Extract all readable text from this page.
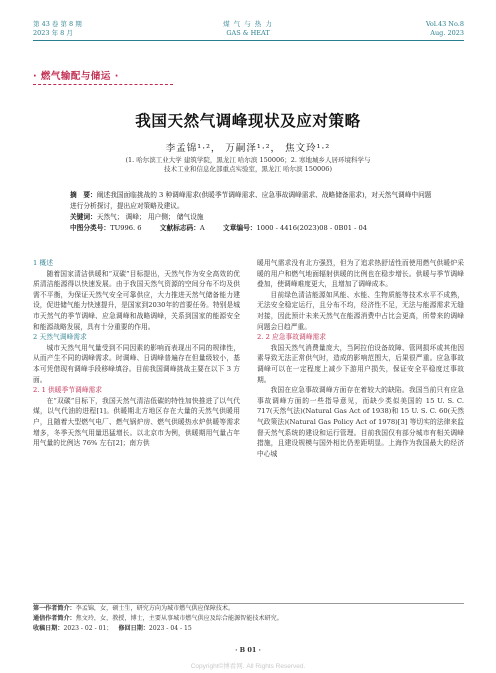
第 43 卷 第 8 期
2023 年 8 月
煤 气 与 热 力
GAS & HEAT
Vol.43 No.8
Aug. 2023
· 燃气输配与储运 ·
我国天然气调峰现状及应对策略
李孟锦¹·²， 万嗣泽¹·²， 焦文玲¹·²
(1. 哈尔滨工业大学 建筑学院，黑龙江 哈尔滨 150006；2. 寒地城乡人居环境科学与
技术工业和信息化部重点实验室，黑龙江 哈尔滨 150006)
摘　要：阐述我国面临挑战的 3 种调峰需求(供暖季节调峰需求、应急事故调峰需求、战略储备需求)，对天然气调峰中问题进行分析探讨，提出应对策略及建议。
关键词：天然气； 调峰； 用户侧； 储气设施
中图分类号：TU996. 6	文献标志码：A	文章编号：1000 - 4416(2023)08 - 0B01 - 04

1 概述

随着国家清洁供暖和“双碳”目标提出，天然气作为安全高效的优质清洁能源得以快速发展。由于我国天然气资源的空间分布不均及供需不平衡，为保证天然气安全可靠供应，大力推进天然气储备能力建设，促进储气能力快速提升，是国家到2030年的首要任务。特别是城市天然气的季节调峰、应急调峰和战略调峰，关系到国家的能源安全和能源战略发展，具有十分重要的作用。

2 天然气调峰需求

城市天然气用气量受到不同因素的影响而表现出不同的规律性，从而产生不同的调峰需求。时调峰、日调峰普遍存在但量级较小，基本可凭借现有调峰手段移峰填谷。目前我国调峰挑战主要在以下 3 方面。

2. 1 供暖季节调峰需求

在“双碳”目标下，我国天然气清洁低碳的特性加快推进了以气代煤，以气代油的进程[1]。供暖期北方地区存在大量的天然气供暖用户，且随着大型燃气电厂、燃气锅炉房、燃气供暖热水炉供暖等需求增多，冬季天然气用量迅猛增长。以北京市为例，供暖期用气量占年用气量的比例达 76% 左右[2]；南方供

暖用气需求没有北方强烈，但为了追求热舒适性而使用燃气供暖炉采暖的用户和燃气地面辐射供暖的比例也在稳步增长。供暖与季节调峰叠加，使调峰难度更大，且增加了调峰成本。

目前绿色清洁能源如风能、水能、生物质能等技术水平不成熟，无法安全稳定运行，且分布不均，经济性不足，无法与能源需求无缝对接，因此预计未来天然气在能源消费中占比会更高，所带来的调峰问题会日趋严重。

2. 2 应急事故调峰需求

我国天然气消费量庞大，当阿拉伯设备故障、管网损坏或其他因素导致无法正常供气时，造成的影响范围大，后果很严重。应急事故调峰可以在一定程度上减少下游用户损失，保证安全平稳度过事故期。

我国在应急事故调峰方面存在着较大的缺陷。我国当前只有应急事故调峰方面的一些指导意见，而缺少类似美国的 15 U. S. C. 717(天然气法)(Natural Gas Act of 1938)和 15 U. S. C. 60(天然气政策法)(Natural Gas Policy Act of 1978)[3] 等切实的法律来监督天然气系统的建设和运行管理。目前我国仅有部分城市有相关调峰措施，且建设规模与国外相比仍差距明显。上海作为我国最大的经济中心城

第一作者简介：李孟锦，女，硕士生，研究方向为城市燃气供应保障技术。
通信作者简介：焦文玲，女，教授，博士，主要从事城市燃气供应及综合能源智能技术研究。
收稿日期：2023 - 02 - 01； 修回日期：2023 - 04 - 15
· B 01 ·
Copyright©博看网. All Rights Reserved.
